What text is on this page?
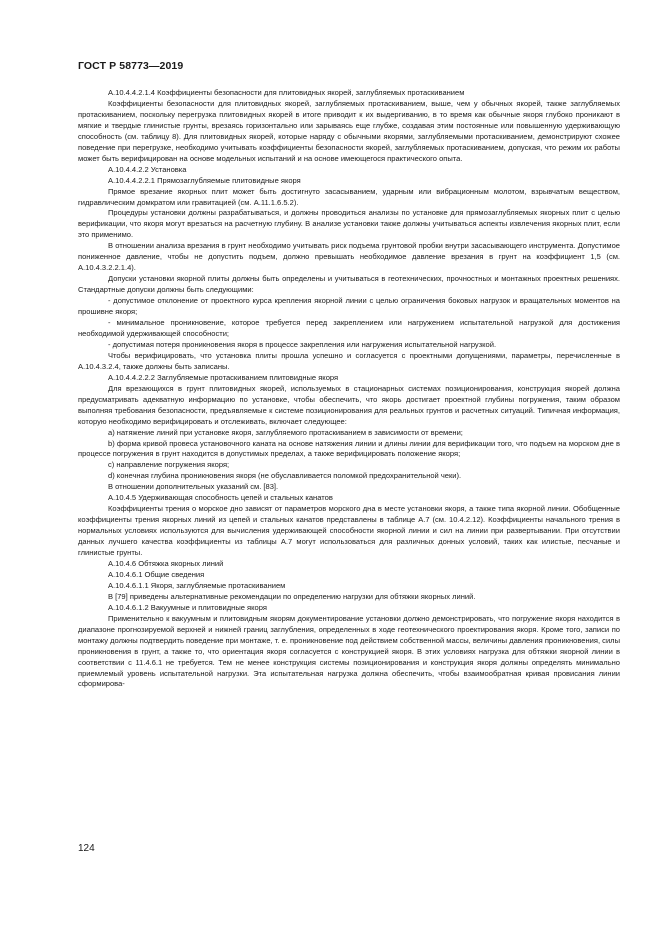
ГОСТ Р 58773—2019

А.10.4.4.2.1.4 Коэффициенты безопасности для плитовидных якорей, заглубляемых протаскиванием

Коэффициенты безопасности для плитовидных якорей, заглубляемых протаскиванием, выше, чем у обычных якорей, также заглубляемых протаскиванием, поскольку перегрузка плитовидных якорей в итоге приводит к их выдергиванию, в то время как обычные якоря глубоко проникают в мягкие и твердые глинистые грунты, врезаясь горизонтально или зарываясь еще глубже, создавая этим постоянные или повышенную удерживающую способность (см. таблицу 8). Для плитовидных якорей, которые наряду с обычными якорями, заглубляемыми протаскиванием, демонстрируют схожее поведение при перегрузке, необходимо учитывать коэффициенты безопасности якорей, заглубляемых протаскиванием, допуская, что режим их работы может быть верифицирован на основе модельных испытаний и на основе имеющегося практического опыта.

А.10.4.4.2.2 Установка

А.10.4.4.2.2.1 Прямозаглубляемые плитовидные якоря

Прямое врезание якорных плит может быть достигнуто засасыванием, ударным или вибрационным молотом, взрывчатым веществом, гидравлическим домкратом или гравитацией (см. А.11.1.6.5.2).

Процедуры установки должны разрабатываться, и должны проводиться анализы по установке для прямозаглубляемых якорных плит с целью верификации, что якоря могут врезаться на расчетную глубину. В анализе установки также должны учитываться аспекты извлечения якорных плит, если это применимо.

В отношении анализа врезания в грунт необходимо учитывать риск подъема грунтовой пробки внутри засасывающего инструмента. Допустимое пониженное давление, чтобы не допустить подъем, должно превышать необходимое давление врезания в грунт на коэффициент 1,5 (см. А.10.4.3.2.2.1.4).

Допуски установки якорной плиты должны быть определены и учитываться в геотехнических, прочностных и монтажных проектных решениях. Стандартные допуски должны быть следующими:

- допустимое отклонение от проектного курса крепления якорной линии с целью ограничения боковых нагрузок и вращательных моментов на прошивне якоря;

- минимальное проникновение, которое требуется перед закреплением или нагружением испытательной нагрузкой для достижения необходимой удерживающей способности;

- допустимая потеря проникновения якоря в процессе закрепления или нагружения испытательной нагрузкой.

Чтобы верифицировать, что установка плиты прошла успешно и согласуется с проектными допущениями, параметры, перечисленные в А.10.4.3.2.4, также должны быть записаны.

А.10.4.4.2.2.2 Заглубляемые протаскиванием плитовидные якоря

Для врезающихся в грунт плитовидных якорей, используемых в стационарных системах позиционирования, конструкция якорей должна предусматривать адекватную информацию по установке, чтобы обеспечить, что якорь достигает проектной глубины погружения, таким образом выполняя требования безопасности, предъявляемые к системе позиционирования для реальных грунтов и расчетных ситуаций. Типичная информация, которую необходимо верифицировать и отслеживать, включает следующее:

а) натяжение линий при установке якоря, заглубляемого протаскиванием в зависимости от времени;

b) форма кривой провеса установочного каната на основе натяжения линии и длины линии для верификации того, что подъем на морском дне в процессе погружения в грунт находится в допустимых пределах, а также верифицировать положение якоря;

с) направление погружения якоря;

d) конечная глубина проникновения якоря (не обуславливается поломкой предохранительной чеки).

В отношении дополнительных указаний см. [83].

А.10.4.5 Удерживающая способность цепей и стальных канатов

Коэффициенты трения о морское дно зависят от параметров морского дна в месте установки якоря, а также типа якорной линии. Обобщенные коэффициенты трения якорных линий из цепей и стальных канатов представлены в таблице А.7 (см. 10.4.2.12). Коэффициенты начального трения в нормальных условиях используются для вычисления удерживающей способности якорной линии и сил на линии при развертывании. При отсутствии данных лучшего качества коэффициенты из таблицы А.7 могут использоваться для различных донных условий, таких как илистые, песчаные и глинистые грунты.

А.10.4.6 Обтяжка якорных линий

А.10.4.6.1 Общие сведения

А.10.4.6.1.1 Якоря, заглубляемые протаскиванием

В [79] приведены альтернативные рекомендации по определению нагрузки для обтяжки якорных линий.

А.10.4.6.1.2 Вакуумные и плитовидные якоря

Применительно к вакуумным и плитовидным якорям документирование установки должно демонстрировать, что погружение якоря находится в диапазоне прогнозируемой верхней и нижней границ заглубления, определенных в ходе геотехнического проектирования якоря. Кроме того, записи по монтажу должны подтвердить поведение при монтаже, т. е. проникновение под действием собственной массы, величины давления проникновения, силы проникновения в грунт, а также то, что ориентация якоря согласуется с конструкцией якоря. В этих условиях нагрузка для обтяжки якорной линии в соответствии с 11.4.6.1 не требуется. Тем не менее конструкция системы позиционирования и конструкция якоря должны определять минимально приемлемый уровень испытательной нагрузки. Эта испытательная нагрузка должна обеспечить, чтобы взаимообратная кривая провисания линии сформирова-

124
